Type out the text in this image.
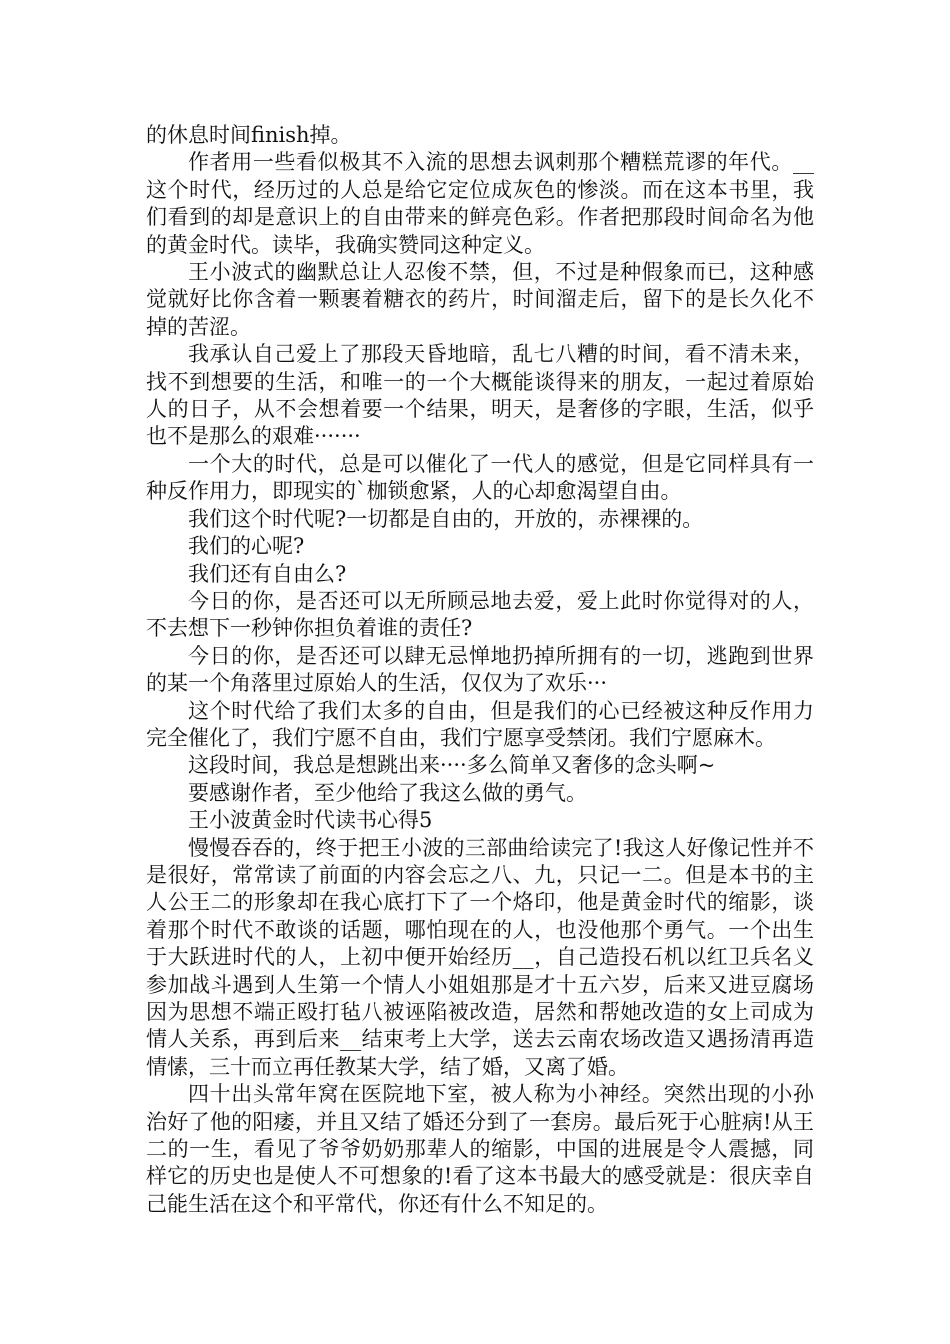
的休息时间finish掉。

作者用一些看似极其不入流的思想去讽刺那个糟糕荒谬的年代。__这个时代，经历过的人总是给它定位成灰色的惨淡。而在这本书里，我们看到的却是意识上的自由带来的鲜亮色彩。作者把那段时间命名为他的黄金时代。读毕，我确实赞同这种定义。

王小波式的幽默总让人忍俊不禁，但，不过是种假象而已，这种感觉就好比你含着一颗裹着糖衣的药片，时间溜走后，留下的是长久化不掉的苦涩。

我承认自己爱上了那段天昏地暗，乱七八糟的时间，看不清未来，找不到想要的生活，和唯一的一个大概能谈得来的朋友，一起过着原始人的日子，从不会想着要一个结果，明天，是奢侈的字眼，生活，似乎也不是那么的艰难·······

一个大的时代，总是可以催化了一代人的感觉，但是它同样具有一种反作用力，即现实的`枷锁愈紧，人的心却愈渴望自由。

我们这个时代呢?一切都是自由的，开放的，赤裸裸的。

我们的心呢?

我们还有自由么?

今日的你，是否还可以无所顾忌地去爱，爱上此时你觉得对的人，不去想下一秒钟你担负着谁的责任?

今日的你，是否还可以肆无忌惮地扔掉所拥有的一切，逃跑到世界的某一个角落里过原始人的生活，仅仅为了欢乐···

这个时代给了我们太多的自由，但是我们的心已经被这种反作用力完全催化了，我们宁愿不自由，我们宁愿享受禁闭。我们宁愿麻木。

这段时间，我总是想跳出来····多么简单又奢侈的念头啊~

要感谢作者，至少他给了我这么做的勇气。

王小波黄金时代读书心得5

慢慢吞吞的，终于把王小波的三部曲给读完了!我这人好像记性并不是很好，常常读了前面的内容会忘之八、九，只记一二。但是本书的主人公王二的形象却在我心底打下了一个烙印，他是黄金时代的缩影，谈着那个时代不敢谈的话题，哪怕现在的人，也没他那个勇气。一个出生于大跃进时代的人，上初中便开始经历__，自己造投石机以红卫兵名义参加战斗遇到人生第一个情人小姐姐那是才十五六岁，后来又进豆腐场因为思想不端正殴打毡八被诬陷被改造，居然和帮她改造的女上司成为情人关系，再到后来__结束考上大学，送去云南农场改造又遇扬清再造情愫，三十而立再任教某大学，结了婚，又离了婚。

四十出头常年窝在医院地下室，被人称为小神经。突然出现的小孙治好了他的阳痿，并且又结了婚还分到了一套房。最后死于心脏病!从王二的一生，看见了爷爷奶奶那辈人的缩影，中国的进展是令人震撼，同样它的历史也是使人不可想象的!看了这本书最大的感受就是：很庆幸自己能生活在这个和平常代，你还有什么不知足的。
